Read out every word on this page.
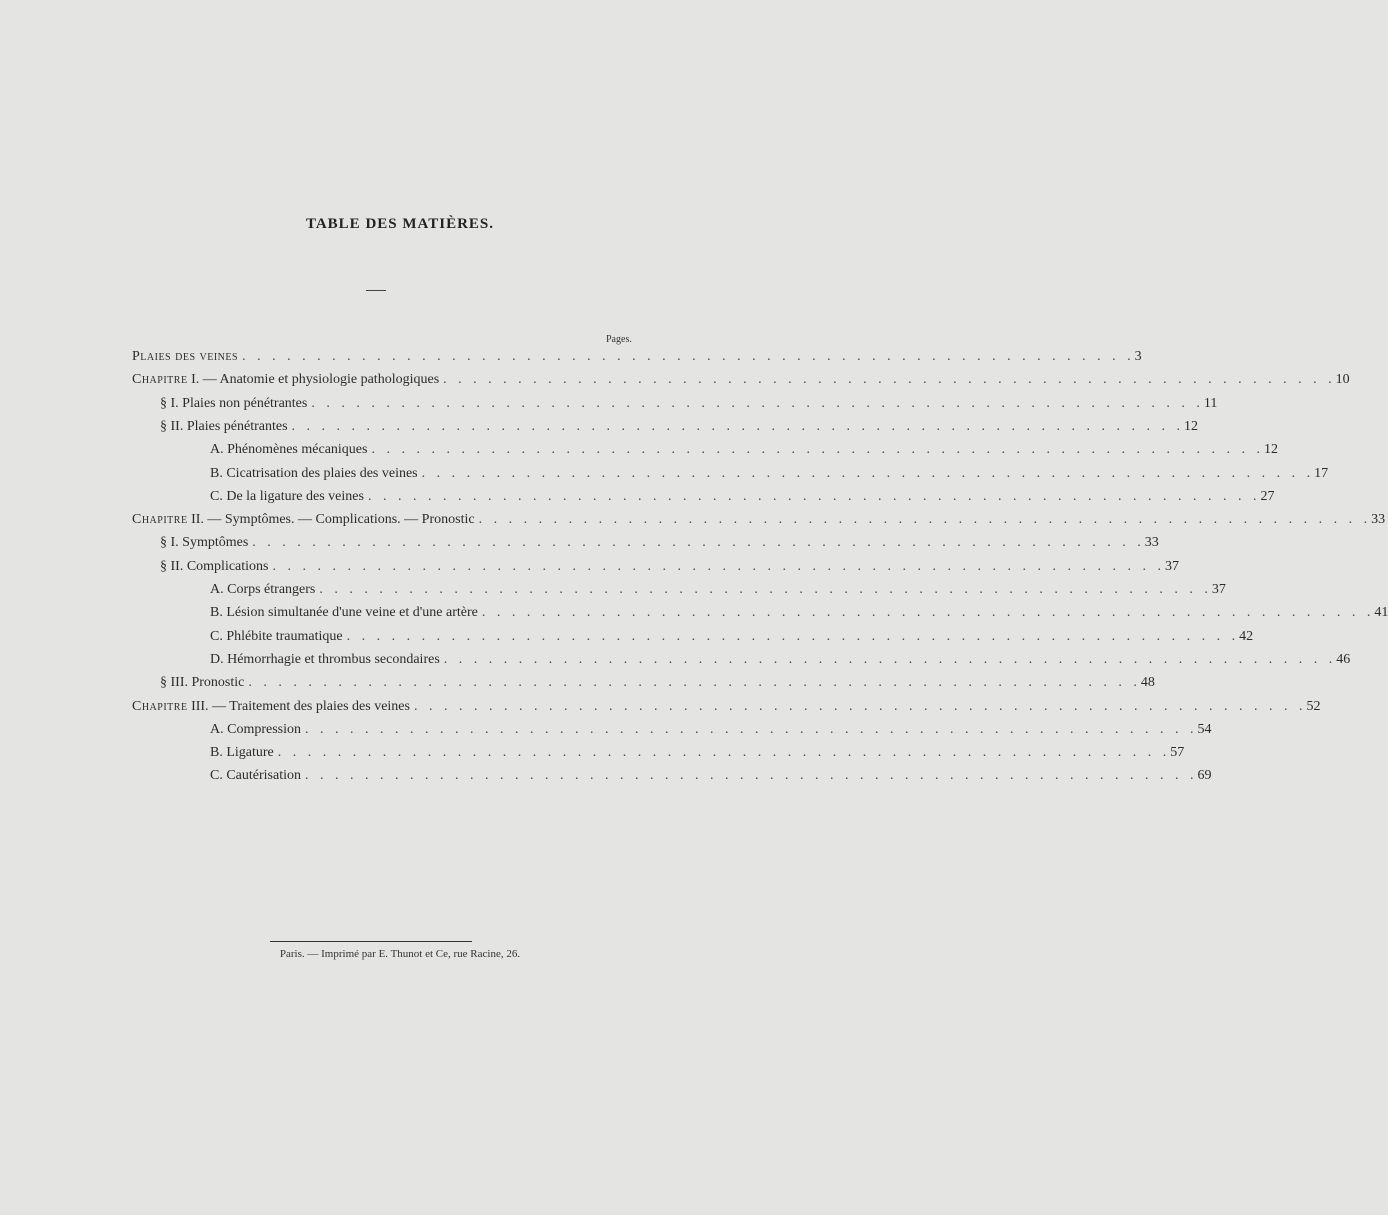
TABLE DES MATIÈRES.
Pages.
Plaies des veines . . . . . . . . . . . . . . . . . . . . . . . . . . . . . . . . . . . . . . . . . . . . . . . . . . . . . . . . . . . . 3
Chapitre I. — Anatomie et physiologie pathologiques . . . . . . . . . . . . . . . . . . . . . . . . . . . . . . . . . . . . . . . . . . . . . . . . . . . . . . . . . . . . 10
§ I. Plaies non pénétrantes . . . . . . . . . . . . . . . . . . . . . . . . . . . . . . . . . . . . . . . . . . . . . . . . . . . . . . . . . . . . 11
§ II. Plaies pénétrantes . . . . . . . . . . . . . . . . . . . . . . . . . . . . . . . . . . . . . . . . . . . . . . . . . . . . . . . . . . . . 12
A. Phénomènes mécaniques . . . . . . . . . . . . . . . . . . . . . . . . . . . . . . . . . . . . . . . . . . . . . . . . . . . . . . . . . . . . 12
B. Cicatrisation des plaies des veines . . . . . . . . . . . . . . . . . . . . . . . . . . . . . . . . . . . . . . . . . . . . . . . . . . . . . . . . . . . . 17
C. De la ligature des veines . . . . . . . . . . . . . . . . . . . . . . . . . . . . . . . . . . . . . . . . . . . . . . . . . . . . . . . . . . . . 27
Chapitre II. — Symptômes. — Complications. — Pronostic . . . . . . . . . . . . . . . . . . . . . . . . . . . . . . . . . . . . . . . . . . . . . . . . . . . . . . . . . . . . 33
§ I. Symptômes . . . . . . . . . . . . . . . . . . . . . . . . . . . . . . . . . . . . . . . . . . . . . . . . . . . . . . . . . . . . 33
§ II. Complications . . . . . . . . . . . . . . . . . . . . . . . . . . . . . . . . . . . . . . . . . . . . . . . . . . . . . . . . . . . . 37
A. Corps étrangers . . . . . . . . . . . . . . . . . . . . . . . . . . . . . . . . . . . . . . . . . . . . . . . . . . . . . . . . . . . . 37
B. Lésion simultanée d'une veine et d'une artère . . . . . . . . . . . . . . . . . . . . . . . . . . . . . . . . . . . . . . . . . . . . . . . . . . . . . . . . . . . . 41
C. Phlébite traumatique . . . . . . . . . . . . . . . . . . . . . . . . . . . . . . . . . . . . . . . . . . . . . . . . . . . . . . . . . . . . 42
D. Hémorrhagie et thrombus secondaires . . . . . . . . . . . . . . . . . . . . . . . . . . . . . . . . . . . . . . . . . . . . . . . . . . . . . . . . . . . . 46
§ III. Pronostic . . . . . . . . . . . . . . . . . . . . . . . . . . . . . . . . . . . . . . . . . . . . . . . . . . . . . . . . . . . . 48
Chapitre III. — Traitement des plaies des veines . . . . . . . . . . . . . . . . . . . . . . . . . . . . . . . . . . . . . . . . . . . . . . . . . . . . . . . . . . . . 52
A. Compression . . . . . . . . . . . . . . . . . . . . . . . . . . . . . . . . . . . . . . . . . . . . . . . . . . . . . . . . . . . . 54
B. Ligature . . . . . . . . . . . . . . . . . . . . . . . . . . . . . . . . . . . . . . . . . . . . . . . . . . . . . . . . . . . . 57
C. Cautérisation . . . . . . . . . . . . . . . . . . . . . . . . . . . . . . . . . . . . . . . . . . . . . . . . . . . . . . . . . . . . 69
Paris. — Imprimé par E. Thunot et Ce, rue Racine, 26.
